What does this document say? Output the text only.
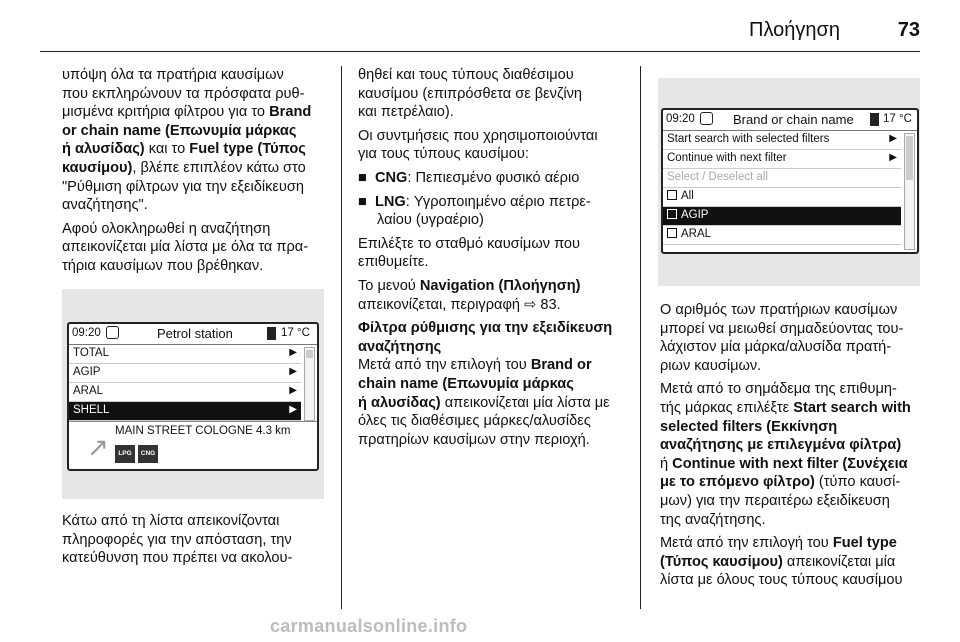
Πλοήγηση	73

υπόψη όλα τα πρατήρια καυσίμων
που εκπληρώνουν τα πρόσφατα ρυθ-
μισμένα κριτήρια φίλτρου για το Brand
or chain name (Επωνυμία μάρκας
ή αλυσίδας) και το Fuel type (Τύπος
καυσίμου), βλέπε επιπλέον κάτω στο
"Ρύθμιση φίλτρων για την εξειδίκευση
αναζήτησης".

Αφού ολοκληρωθεί η αναζήτηση
απεικονίζεται μία λίστα με όλα τα πρα-
τήρια καυσίμων που βρέθηκαν.

09:20	Petrol station	17 °C
TOTAL	▶
AGIP	▶
ARAL	▶
SHELL	▶
↗
MAIN STREET COLOGNE 4.3 km
LPG	CNG

Κάτω από τη λίστα απεικονίζονται
πληροφορές για την απόσταση, την
κατεύθυνση που πρέπει να ακολου-

θηθεί και τους τύπους διαθέσιμου
καυσίμου (επιπρόσθετα σε βενζίνη
και πετρέλαιο).

Οι συντμήσεις που χρησιμοποιούνται
για τους τύπους καυσίμου:

■  CNG: Πεπιεσμένο φυσικό αέριο

■  LNG: Υγροποιημένο αέριο πετρε-
λαίου (υγραέριο)

Επιλέξτε το σταθμό καυσίμων που
επιθυμείτε.

Το μενού Navigation (Πλοήγηση)
απεικονίζεται, περιγραφή ⇨ 83.

Φίλτρα ρύθμισης για την εξειδίκευση
αναζήτησης

Μετά από την επιλογή του Brand or
chain name (Επωνυμία μάρκας
ή αλυσίδας) απεικονίζεται μία λίστα με
όλες τις διαθέσιμες μάρκες/αλυσίδες
πρατηρίων καυσίμων στην περιοχή.

09:20	Brand or chain name	17 °C
Start search with selected filters	▶
Continue with next filter	▶
Select / Deselect all
All
AGIP
ARAL

Ο αριθμός των πρατήριων καυσίμων
μπορεί να μειωθεί σημαδεύοντας του-
λάχιστον μία μάρκα/αλυσίδα πρατή-
ριων καυσίμων.

Μετά από το σημάδεμα της επιθυμη-
τής μάρκας επιλέξτε Start search with
selected filters (Εκκίνηση
αναζήτησης με επιλεγμένα φίλτρα)
ή Continue with next filter (Συνέχεια
με το επόμενο φίλτρο) (τύπο καυσί-
μων) για την περαιτέρω εξειδίκευση
της αναζήτησης.

Μετά από την επιλογή του Fuel type
(Τύπος καυσίμου) απεικονίζεται μία
λίστα με όλους τους τύπους καυσίμου

carmanualsonline.info
